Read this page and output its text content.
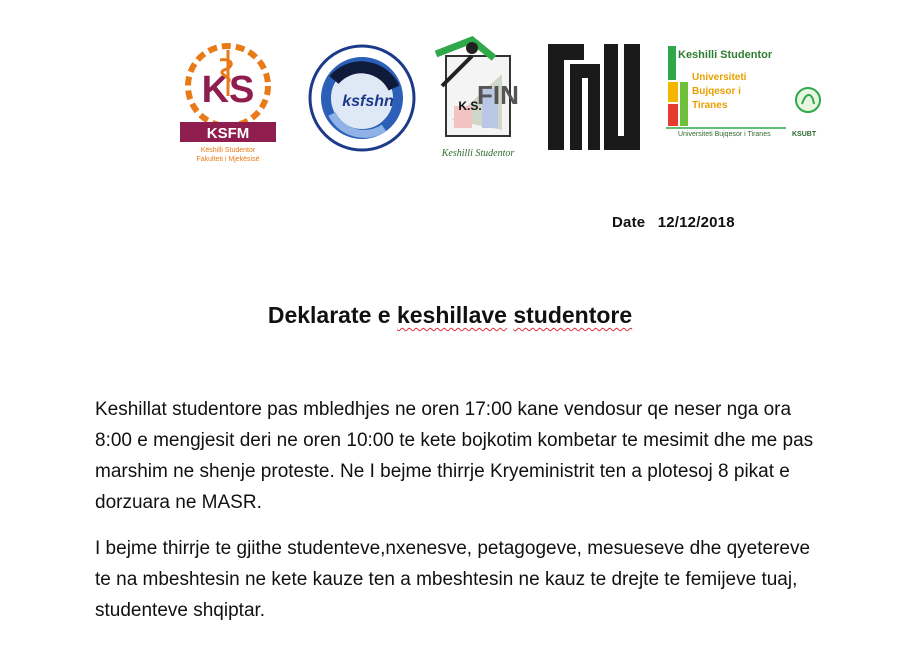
KS
KSFM
Këshilli Studentor
Fakulteti i Mjekësisë
ksfshn	K.S.
FIN
Keshilli Studentor
Keshilli Studentor
Universiteti
Bujqesor i
Tiranes
Universiteti Bujqesor i Tiranes	KSUBT
Date 12/12/2018
Deklarate e keshillave studentore
Keshillat studentore pas mbledhjes ne oren 17:00 kane vendosur qe neser nga ora 8:00 e mengjesit deri ne oren 10:00 te kete bojkotim kombetar te mesimit dhe me pas marshim ne shenje proteste. Ne I bejme thirrje Kryeministrit ten a plotesoj 8 pikat e dorzuara ne MASR.
I bejme thirrje te gjithe studenteve,nxenesve, petagogeve, mesueseve dhe qyetereve te na mbeshtesin ne kete kauze ten a mbeshtesin ne kauz te drejte te femijeve tuaj, studenteve shqiptar.
